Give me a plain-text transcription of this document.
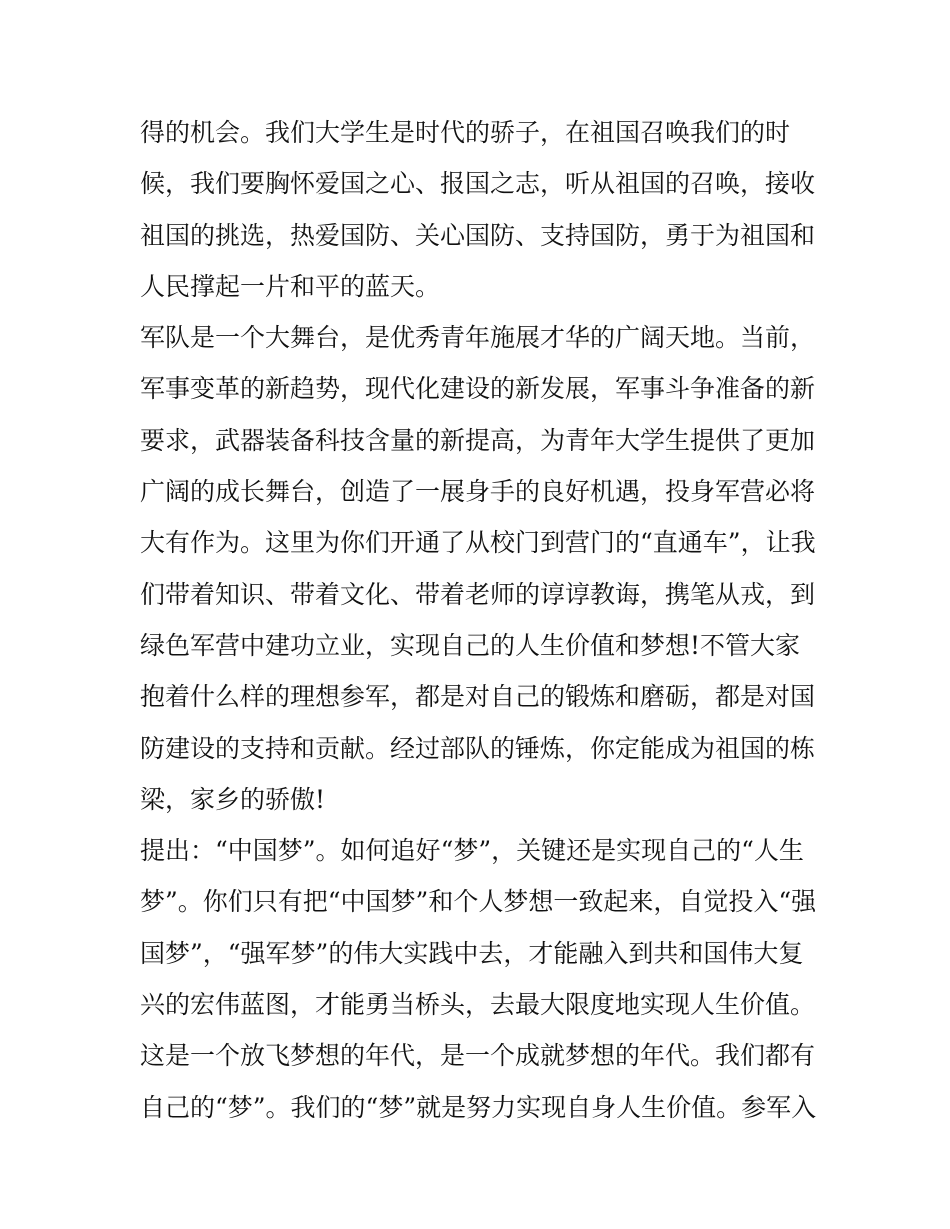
得的机会。我们大学生是时代的骄子，在祖国召唤我们的时
候，我们要胸怀爱国之心、报国之志，听从祖国的召唤，接收
祖国的挑选，热爱国防、关心国防、支持国防，勇于为祖国和
人民撑起一片和平的蓝天。
军队是一个大舞台，是优秀青年施展才华的广阔天地。当前，
军事变革的新趋势，现代化建设的新发展，军事斗争准备的新
要求，武器装备科技含量的新提高，为青年大学生提供了更加
广阔的成长舞台，创造了一展身手的良好机遇，投身军营必将
大有作为。这里为你们开通了从校门到营门的“直通车”，让我
们带着知识、带着文化、带着老师的谆谆教诲，携笔从戎，到
绿色军营中建功立业，实现自己的人生价值和梦想!不管大家
抱着什么样的理想参军，都是对自己的锻炼和磨砺，都是对国
防建设的支持和贡献。经过部队的锤炼，你定能成为祖国的栋
梁，家乡的骄傲!
提出：“中国梦”。如何追好“梦”，关键还是实现自己的“人生
梦”。你们只有把“中国梦”和个人梦想一致起来，自觉投入“强
国梦”，“强军梦”的伟大实践中去，才能融入到共和国伟大复
兴的宏伟蓝图，才能勇当桥头，去最大限度地实现人生价值。
这是一个放飞梦想的年代，是一个成就梦想的年代。我们都有
自己的“梦”。我们的“梦”就是努力实现自身人生价值。参军入
